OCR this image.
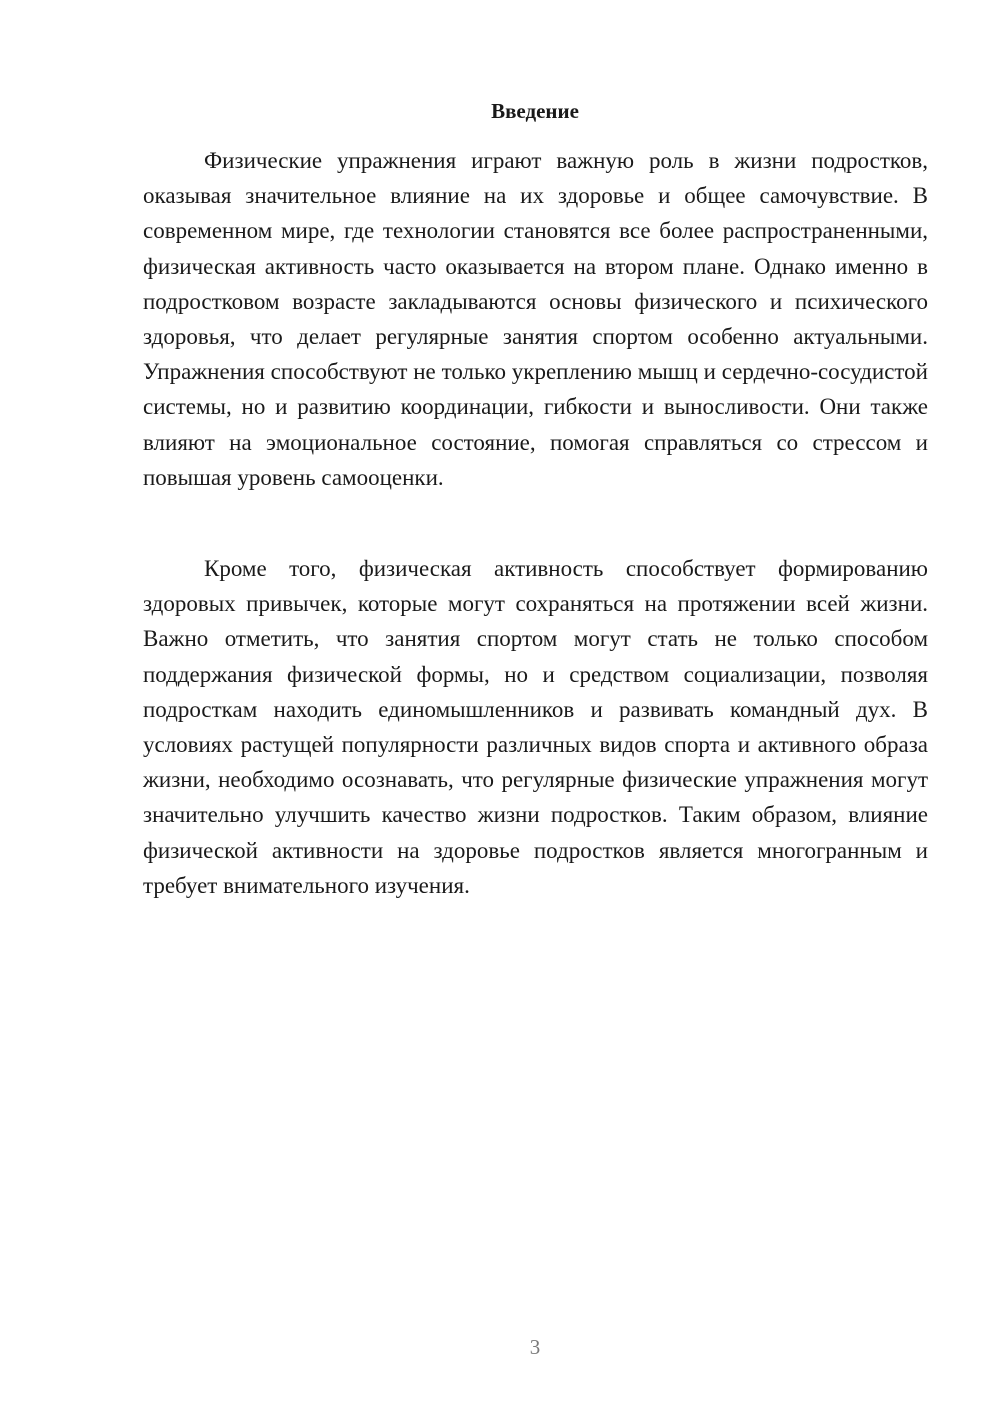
Введение

Физические упражнения играют важную роль в жизни подростков, оказывая значительное влияние на их здоровье и общее самочувствие. В современном мире, где технологии становятся все более распространенными, физическая активность часто оказывается на втором плане. Однако именно в подростковом возрасте закладываются основы физического и психического здоровья, что делает регулярные занятия спортом особенно актуальными. Упражнения способствуют не только укреплению мышц и сердечно-сосудистой системы, но и развитию координации, гибкости и выносливости. Они также влияют на эмоциональное состояние, помогая справляться со стрессом и повышая уровень самооценки.

Кроме того, физическая активность способствует формированию здоровых привычек, которые могут сохраняться на протяжении всей жизни. Важно отметить, что занятия спортом могут стать не только способом поддержания физической формы, но и средством социализации, позволяя подросткам находить единомышленников и развивать командный дух. В условиях растущей популярности различных видов спорта и активного образа жизни, необходимо осознавать, что регулярные физические упражнения могут значительно улучшить качество жизни подростков. Таким образом, влияние физической активности на здоровье подростков является многогранным и требует внимательного изучения.

3
